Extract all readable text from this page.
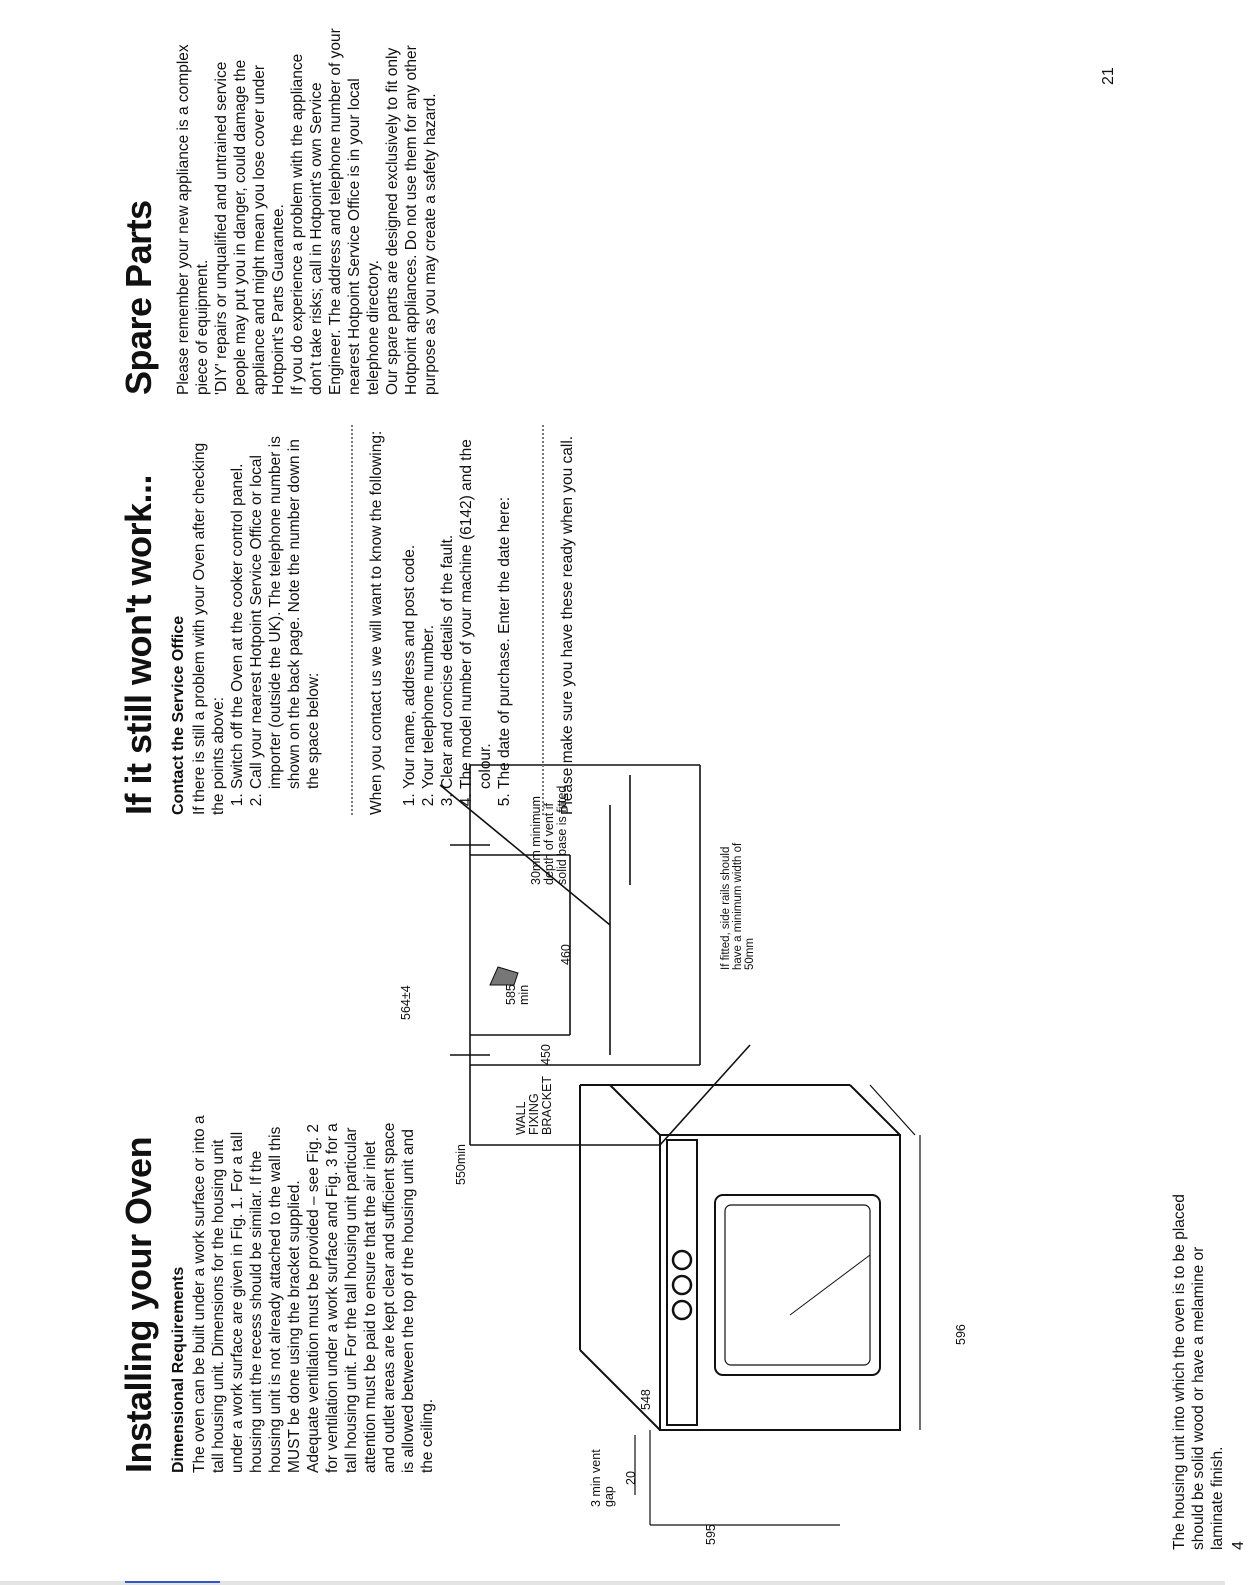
Installing your Oven Dimensional Requirements The oven can be built under a work surface or into a tall housing unit. Dimensions for the housing unit under a work surface are given in Fig. 1. For a tall housing unit the recess should be similar. If the housing unit is not already attached to the wall this MUST be done using the bracket supplied. Adequate ventilation must be provided – see Fig. 2 for ventilation under a work surface and Fig. 3 for a tall housing unit. For the tall housing unit particular attention must be paid to ensure that the air inlet and outlet areas are kept clear and sufficient space is allowed between the top of the housing unit and the ceiling.

3 min vent gap
20
595
548
596
550min
564±4
WALL FIXING BRACKET
450
585 min
460
30mm minimum depth of vent if solid base is fitted
If fitted, side rails should have a minimum width of 50mm
The housing unit into which the oven is to be placed should be solid wood or have a melamine or laminate finish. 4
If it still won't work... Contact the Service Office If there is still a problem with your Oven after checking the points above: 1. Switch off the Oven at the cooker control panel. 2. Call your nearest Hotpoint Service Office or local importer (outside the UK). The telephone number is shown on the back page. Note the number down in the space below:	When you contact us we will want to know the following: 1. Your name, address and post code. 2. Your telephone number. 3. Clear and concise details of the fault. 4. The model number of your machine (6142) and the colour. 5. The date of purchase. Enter the date here:	Please make sure you have these ready when you call.

Spare Parts Please remember your new appliance is a complex piece of equipment. 'DIY' repairs or unqualified and untrained service people may put you in danger, could damage the appliance and might mean you lose cover under Hotpoint's Parts Guarantee. If you do experience a problem with the appliance don't take risks; call in Hotpoint's own Service Engineer. The address and telephone number of your nearest Hotpoint Service Office is in your local telephone directory. Our spare parts are designed exclusively to fit only Hotpoint appliances. Do not use them for any other purpose as you may create a safety hazard.

21
